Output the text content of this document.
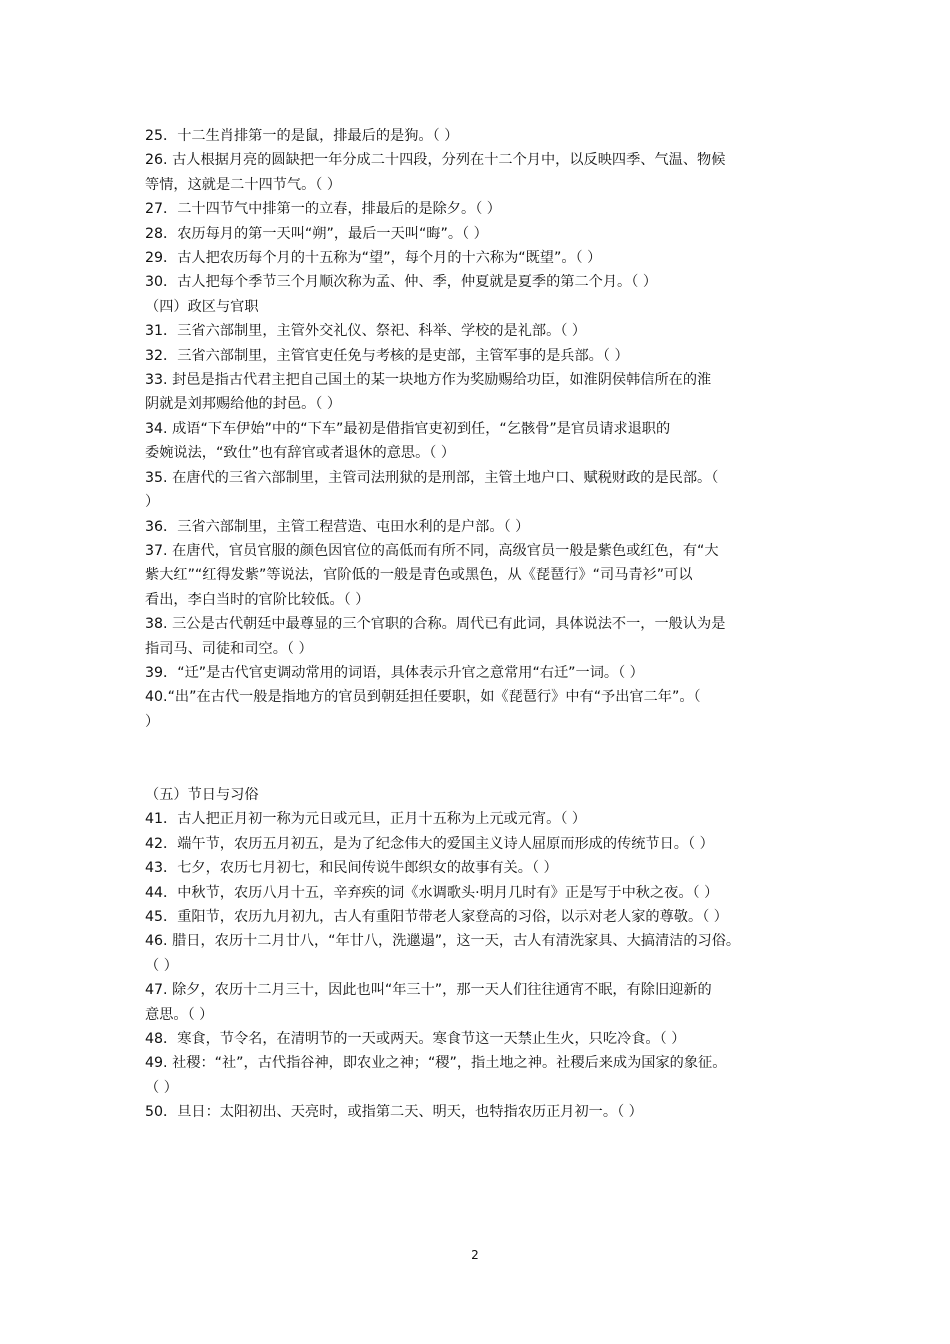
25．十二生肖排第一的是鼠，排最后的是狗。（ ）
26. 古人根据月亮的圆缺把一年分成二十四段，分列在十二个月中，以反映四季、气温、物候
等情，这就是二十四节气。（ ）
27．二十四节气中排第一的立春，排最后的是除夕。（ ）
28．农历每月的第一天叫“朔”，最后一天叫“晦”。（ ）
29．古人把农历每个月的十五称为“望”，每个月的十六称为“既望”。（ ）
30．古人把每个季节三个月顺次称为孟、仲、季，仲夏就是夏季的第二个月。（ ）
（四）政区与官职
31．三省六部制里，主管外交礼仪、祭祀、科举、学校的是礼部。（ ）
32．三省六部制里，主管官吏任免与考核的是吏部，主管军事的是兵部。（ ）
33. 封邑是指古代君主把自己国土的某一块地方作为奖励赐给功臣，如淮阴侯韩信所在的淮
阴就是刘邦赐给他的封邑。（ ）
34. 成语“下车伊始”中的“下车”最初是借指官吏初到任，“乞骸骨”是官员请求退职的
委婉说法，“致仕”也有辞官或者退休的意思。（ ）
35. 在唐代的三省六部制里，主管司法刑狱的是刑部，主管土地户口、赋税财政的是民部。（
）
36．三省六部制里，主管工程营造、屯田水利的是户部。（ ）
37. 在唐代，官员官服的颜色因官位的高低而有所不同，高级官员一般是紫色或红色，有“大
紫大红”“红得发紫”等说法，官阶低的一般是青色或黑色，从《琵琶行》“司马青衫”可以
看出，李白当时的官阶比较低。（ ）
38. 三公是古代朝廷中最尊显的三个官职的合称。周代已有此词，具体说法不一，一般认为是
指司马、司徒和司空。（ ）
39．“迁”是古代官吏调动常用的词语，具体表示升官之意常用“右迁”一词。（ ）
40.“出”在古代一般是指地方的官员到朝廷担任要职，如《琵琶行》中有“予出官二年”。（
）
（五）节日与习俗
41．古人把正月初一称为元日或元旦，正月十五称为上元或元宵。（ ）
42．端午节，农历五月初五，是为了纪念伟大的爱国主义诗人屈原而形成的传统节日。（ ）
43．七夕，农历七月初七，和民间传说牛郎织女的故事有关。（ ）
44．中秋节，农历八月十五，辛弃疾的词《水调歌头·明月几时有》正是写于中秋之夜。（ ）
45．重阳节，农历九月初九，古人有重阳节带老人家登高的习俗，以示对老人家的尊敬。（ ）
46. 腊日，农历十二月廿八，“年廿八，洗邋遢”，这一天，古人有清洗家具、大搞清洁的习俗。
（ ）
47. 除夕，农历十二月三十，因此也叫“年三十”，那一天人们往往通宵不眠，有除旧迎新的
意思。（ ）
48．寒食，节令名，在清明节的一天或两天。寒食节这一天禁止生火，只吃冷食。（ ）
49. 社稷：“社”，古代指谷神，即农业之神；“稷”，指土地之神。社稷后来成为国家的象征。
（ ）
50．旦日：太阳初出、天亮时，或指第二天、明天，也特指农历正月初一。（ ）
2
